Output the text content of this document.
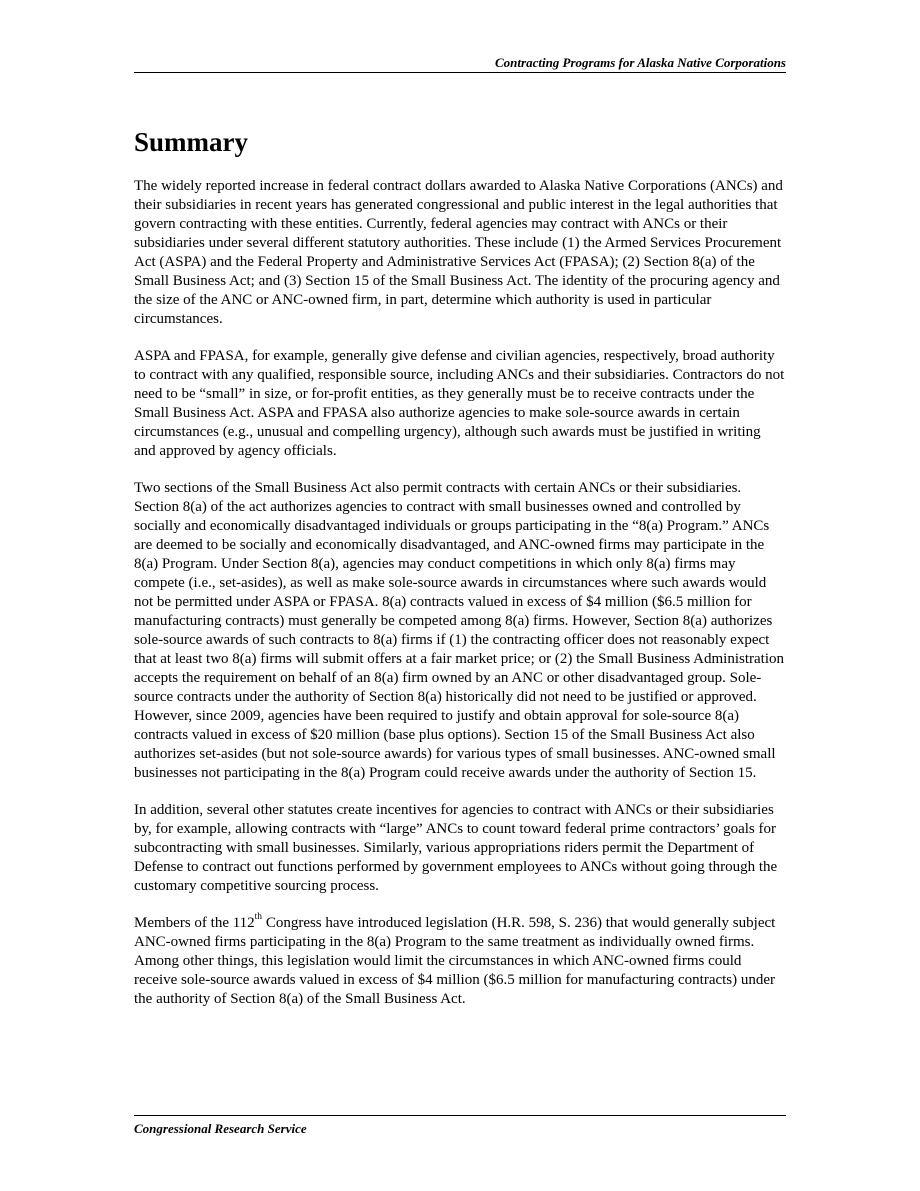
Contracting Programs for Alaska Native Corporations
Summary

The widely reported increase in federal contract dollars awarded to Alaska Native Corporations (ANCs) and their subsidiaries in recent years has generated congressional and public interest in the legal authorities that govern contracting with these entities. Currently, federal agencies may contract with ANCs or their subsidiaries under several different statutory authorities. These include (1) the Armed Services Procurement Act (ASPA) and the Federal Property and Administrative Services Act (FPASA); (2) Section 8(a) of the Small Business Act; and (3) Section 15 of the Small Business Act. The identity of the procuring agency and the size of the ANC or ANC-owned firm, in part, determine which authority is used in particular circumstances.

ASPA and FPASA, for example, generally give defense and civilian agencies, respectively, broad authority to contract with any qualified, responsible source, including ANCs and their subsidiaries. Contractors do not need to be “small” in size, or for-profit entities, as they generally must be to receive contracts under the Small Business Act. ASPA and FPASA also authorize agencies to make sole-source awards in certain circumstances (e.g., unusual and compelling urgency), although such awards must be justified in writing and approved by agency officials.

Two sections of the Small Business Act also permit contracts with certain ANCs or their subsidiaries. Section 8(a) of the act authorizes agencies to contract with small businesses owned and controlled by socially and economically disadvantaged individuals or groups participating in the “8(a) Program.” ANCs are deemed to be socially and economically disadvantaged, and ANC-owned firms may participate in the 8(a) Program. Under Section 8(a), agencies may conduct competitions in which only 8(a) firms may compete (i.e., set-asides), as well as make sole-source awards in circumstances where such awards would not be permitted under ASPA or FPASA. 8(a) contracts valued in excess of $4 million ($6.5 million for manufacturing contracts) must generally be competed among 8(a) firms. However, Section 8(a) authorizes sole-source awards of such contracts to 8(a) firms if (1) the contracting officer does not reasonably expect that at least two 8(a) firms will submit offers at a fair market price; or (2) the Small Business Administration accepts the requirement on behalf of an 8(a) firm owned by an ANC or other disadvantaged group. Sole-source contracts under the authority of Section 8(a) historically did not need to be justified or approved. However, since 2009, agencies have been required to justify and obtain approval for sole-source 8(a) contracts valued in excess of $20 million (base plus options). Section 15 of the Small Business Act also authorizes set-asides (but not sole-source awards) for various types of small businesses. ANC-owned small businesses not participating in the 8(a) Program could receive awards under the authority of Section 15.

In addition, several other statutes create incentives for agencies to contract with ANCs or their subsidiaries by, for example, allowing contracts with “large” ANCs to count toward federal prime contractors’ goals for subcontracting with small businesses. Similarly, various appropriations riders permit the Department of Defense to contract out functions performed by government employees to ANCs without going through the customary competitive sourcing process.

Members of the 112th Congress have introduced legislation (H.R. 598, S. 236) that would generally subject ANC-owned firms participating in the 8(a) Program to the same treatment as individually owned firms. Among other things, this legislation would limit the circumstances in which ANC-owned firms could receive sole-source awards valued in excess of $4 million ($6.5 million for manufacturing contracts) under the authority of Section 8(a) of the Small Business Act.

Congressional Research Service
